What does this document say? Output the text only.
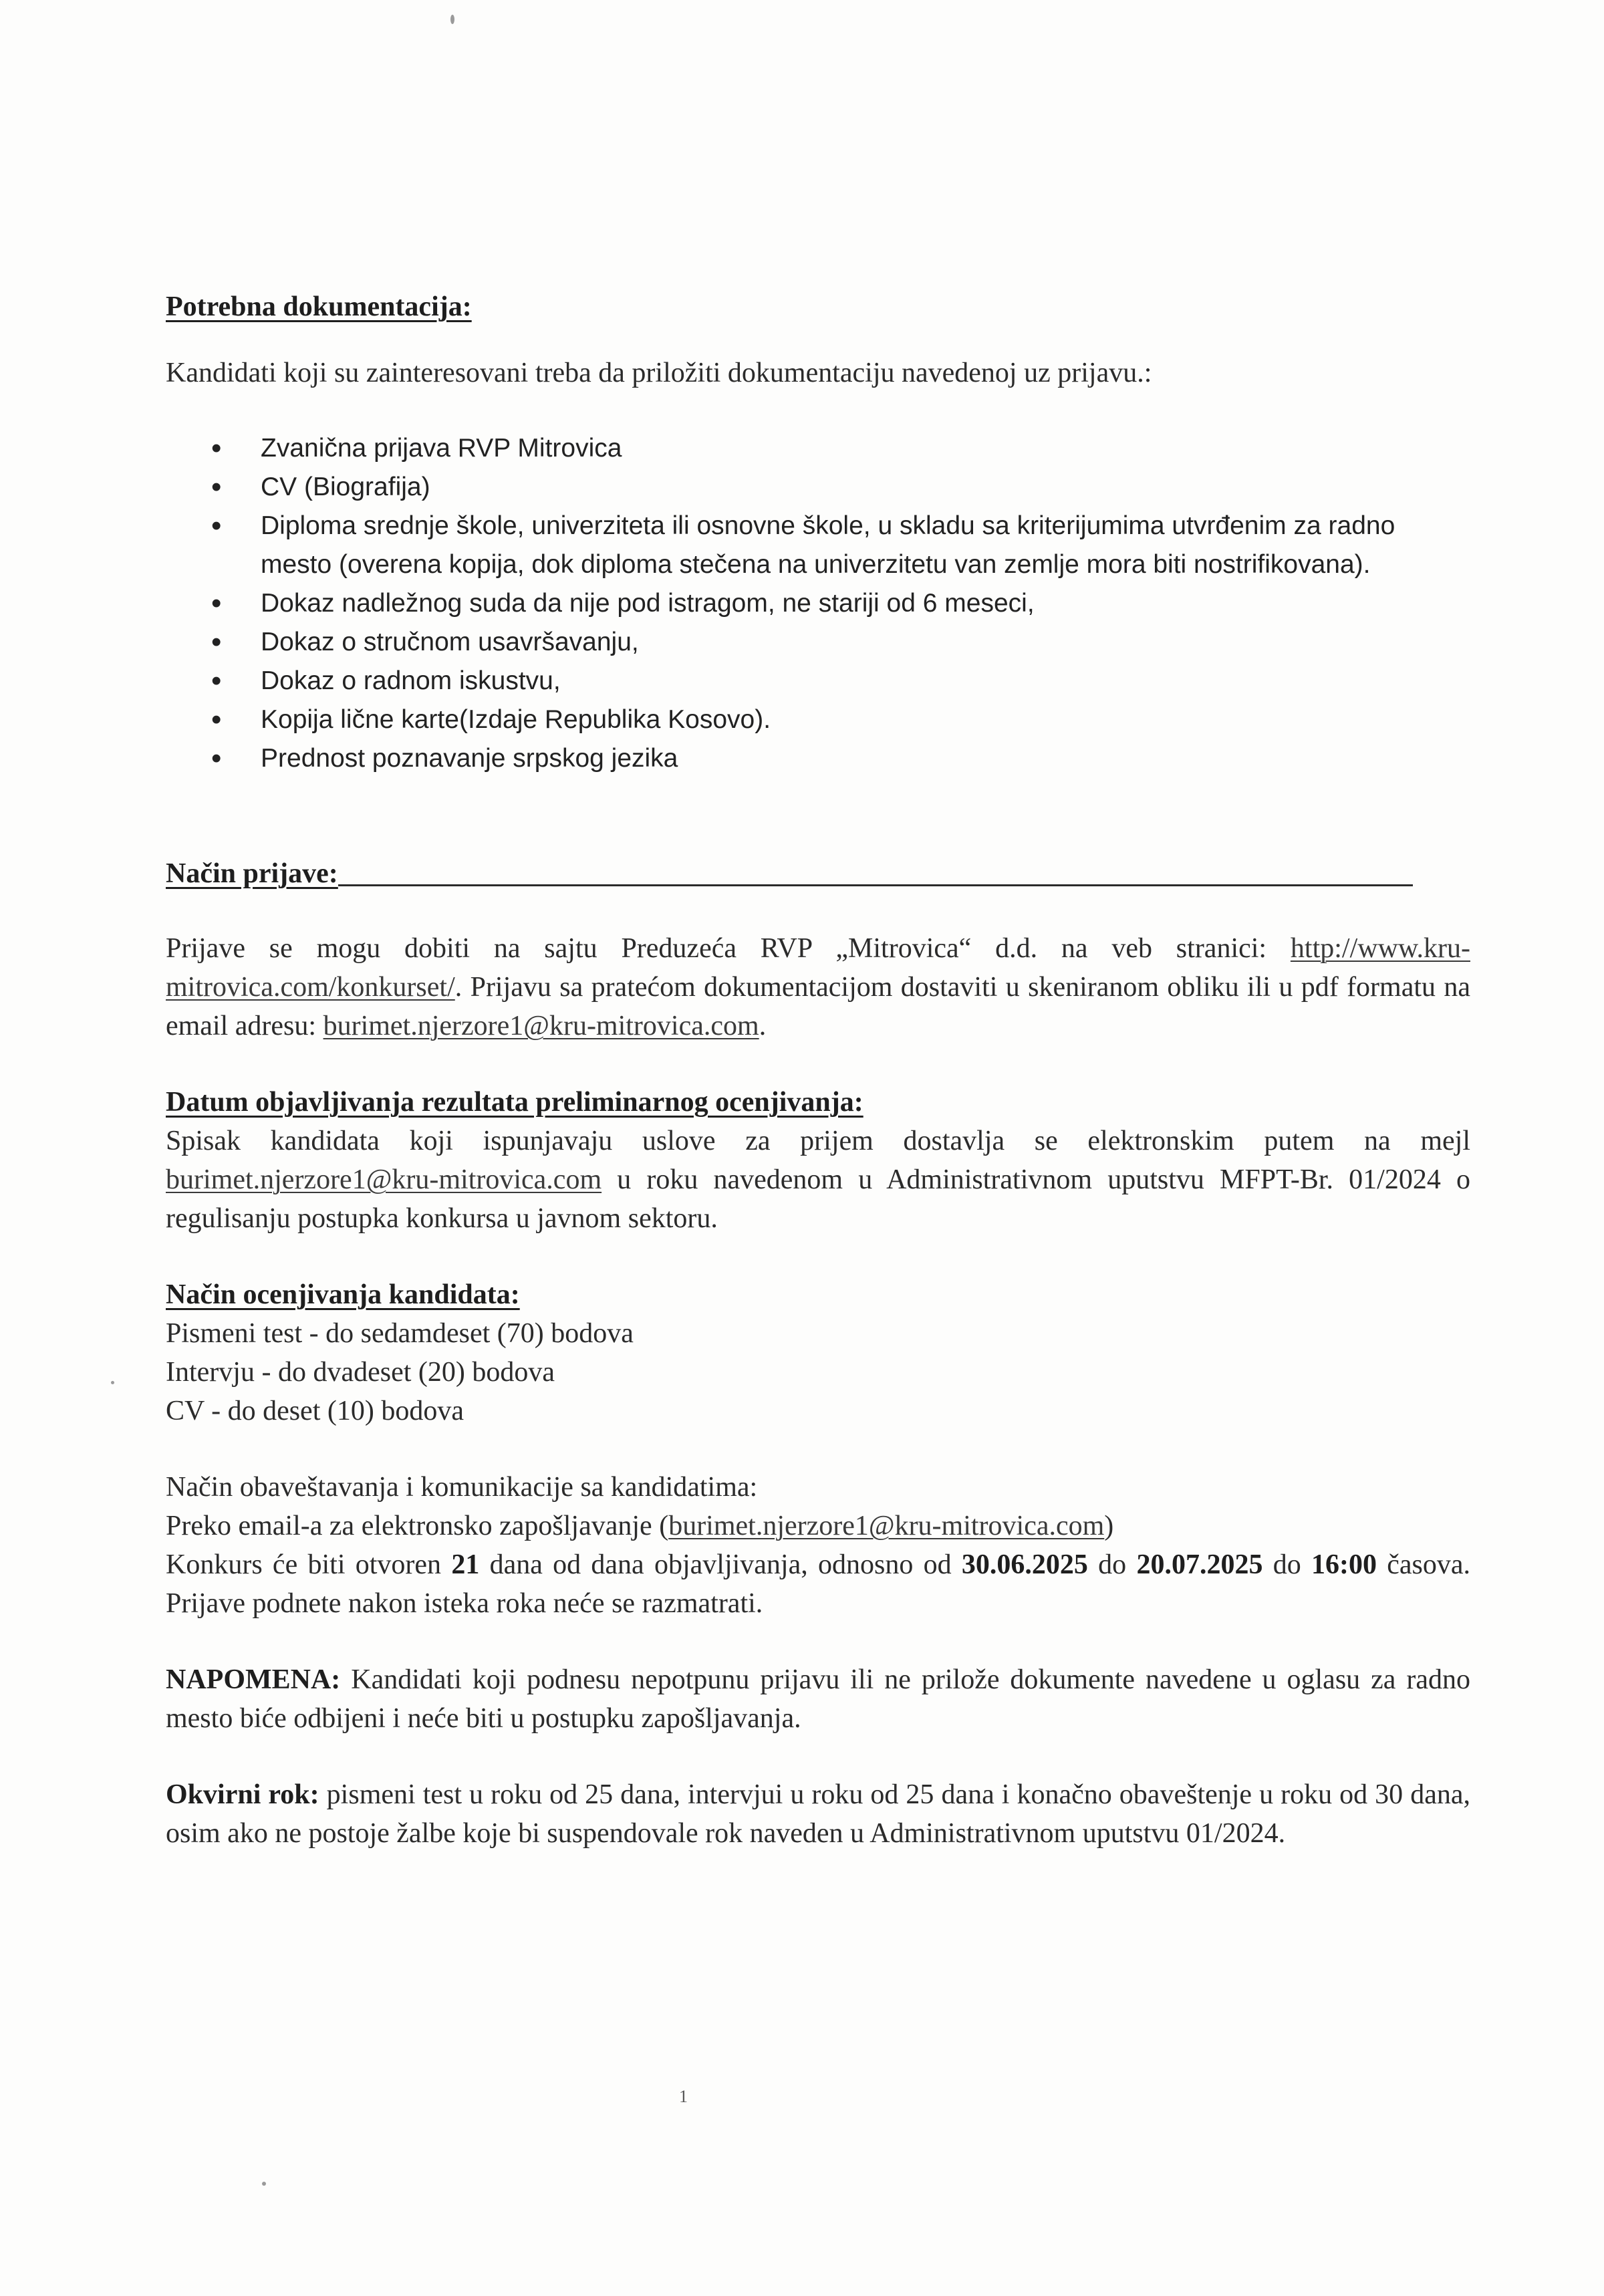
Potrebna dokumentacija:

Kandidati koji su zainteresovani treba da priložiti dokumentaciju navedenoj uz prijavu.:

• Zvanična prijava RVP Mitrovica
• CV (Biografija)
• Diploma srednje škole, univerziteta ili osnovne škole, u skladu sa kriterijumima utvrđenim za radno mesto (overena kopija, dok diploma stečena na univerzitetu van zemlje mora biti nostrifikovana).
• Dokaz nadležnog suda da nije pod istragom, ne stariji od 6 meseci,
• Dokaz o stručnom usavršavanju,
• Dokaz o radnom iskustvu,
• Kopija lične karte(Izdaje Republika Kosovo).
• Prednost poznavanje srpskog jezika
Način prijave:

Prijave se mogu dobiti na sajtu Preduzeća RVP „Mitrovica“ d.d. na veb stranici: http://www.kru-mitrovica.com/konkurset/. Prijavu sa pratećom dokumentacijom dostaviti u skeniranom obliku ili u pdf formatu na email adresu: burimet.njerzore1@kru-mitrovica.com.

Datum objavljivanja rezultata preliminarnog ocenjivanja:

Spisak kandidata koji ispunjavaju uslove za prijem dostavlja se elektronskim putem na mejl burimet.njerzore1@kru-mitrovica.com u roku navedenom u Administrativnom uputstvu MFPT-Br. 01/2024 o regulisanju postupka konkursa u javnom sektoru.

Način ocenjivanja kandidata:

Pismeni test - do sedamdeset (70) bodova

Intervju - do dvadeset (20) bodova

CV - do deset (10) bodova

Način obaveštavanja i komunikacije sa kandidatima:

Preko email-a za elektronsko zapošljavanje (burimet.njerzore1@kru-mitrovica.com)

Konkurs će biti otvoren 21 dana od dana objavljivanja, odnosno od 30.06.2025 do 20.07.2025 do 16:00 časova. Prijave podnete nakon isteka roka neće se razmatrati.

NAPOMENA: Kandidati koji podnesu nepotpunu prijavu ili ne prilože dokumente navedene u oglasu za radno mesto biće odbijeni i neće biti u postupku zapošljavanja.

Okvirni rok: pismeni test u roku od 25 dana, intervjui u roku od 25 dana i konačno obaveštenje u roku od 30 dana, osim ako ne postoje žalbe koje bi suspendovale rok naveden u Administrativnom uputstvu 01/2024.

1
